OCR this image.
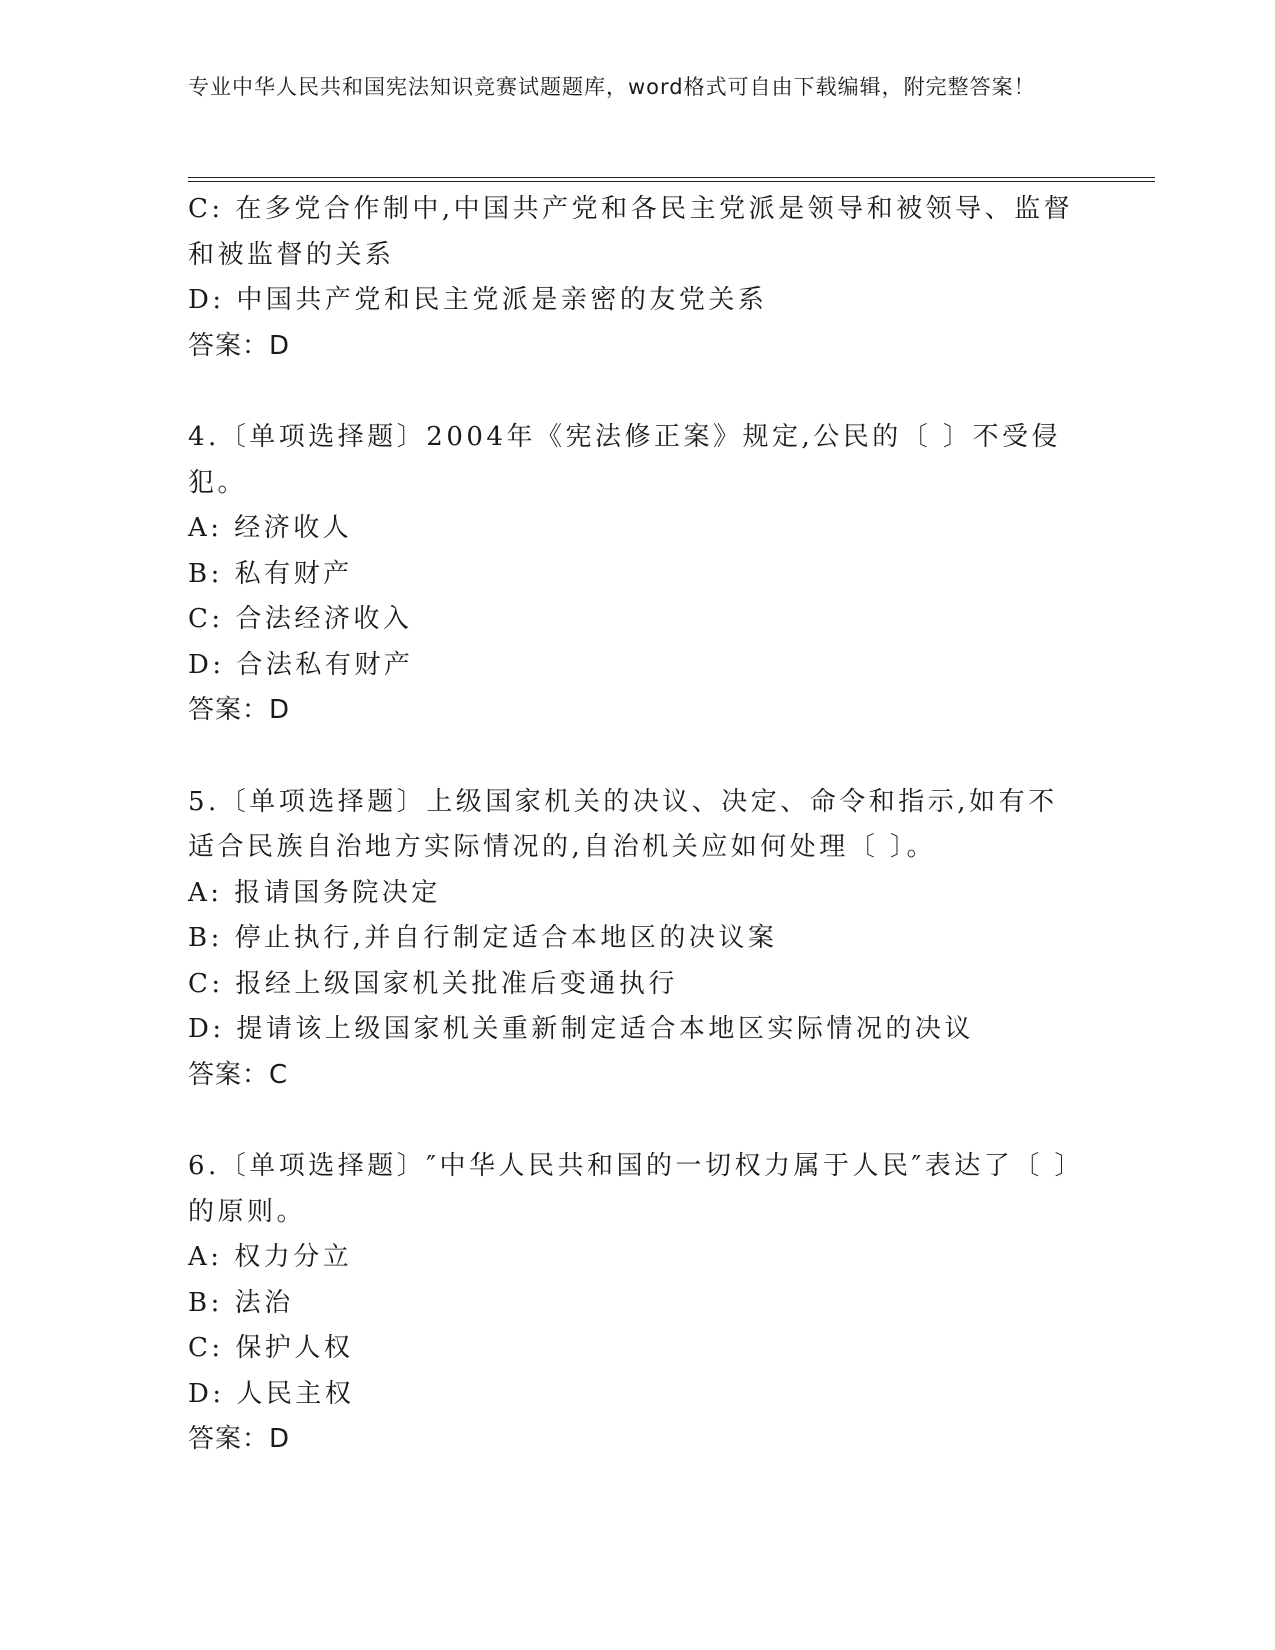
专业中华人民共和国宪法知识竞赛试题题库，word格式可自由下载编辑，附完整答案！
C: 在多党合作制中,中国共产党和各民主党派是领导和被领导、监督和被监督的关系
D: 中国共产党和民主党派是亲密的友党关系
答案：D
4.〔单项选择题〕2004年《宪法修正案》规定,公民的〔 〕不受侵犯。
A: 经济收人
B: 私有财产
C: 合法经济收入
D: 合法私有财产
答案：D
5.〔单项选择题〕上级国家机关的决议、决定、命令和指示,如有不适合民族自治地方实际情况的,自治机关应如何处理〔 〕。
A: 报请国务院决定
B: 停止执行,并自行制定适合本地区的决议案
C: 报经上级国家机关批准后变通执行
D: 提请该上级国家机关重新制定适合本地区实际情况的决议
答案：C
6.〔单项选择题〕″中华人民共和国的一切权力属于人民″表达了〔 〕的原则。
A: 权力分立
B: 法治
C: 保护人权
D: 人民主权
答案：D
